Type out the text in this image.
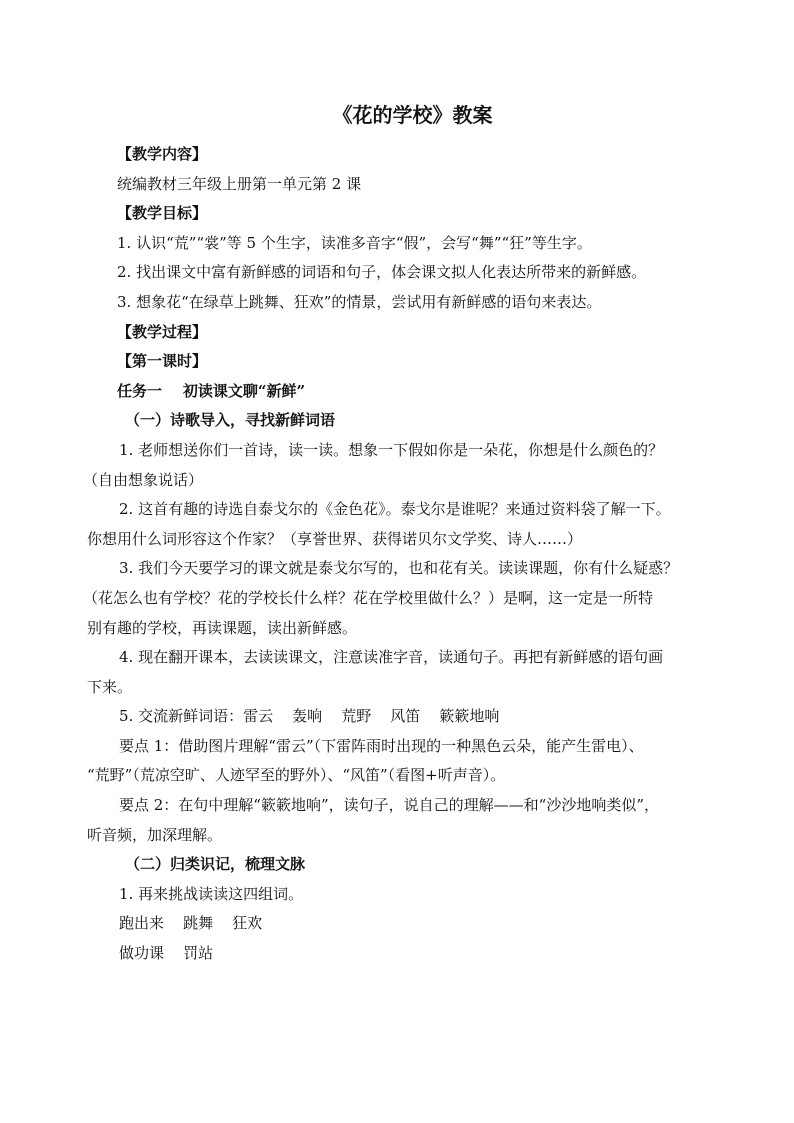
《花的学校》教案

【教学内容】

统编教材三年级上册第一单元第 2 课

【教学目标】

1. 认识“荒”“裳”等 5 个生字，读准多音字“假”，会写“舞”“狂”等生字。

2. 找出课文中富有新鲜感的词语和句子，体会课文拟人化表达所带来的新鲜感。

3. 想象花“在绿草上跳舞、狂欢”的情景，尝试用有新鲜感的语句来表达。

【教学过程】

【第一课时】

任务一    初读课文聊“新鲜”

（一）诗歌导入，寻找新鲜词语

1. 老师想送你们一首诗，读一读。想象一下假如你是一朵花，你想是什么颜色的？

（自由想象说话）

2. 这首有趣的诗选自泰戈尔的《金色花》。泰戈尔是谁呢？来通过资料袋了解一下。

你想用什么词形容这个作家？（享誉世界、获得诺贝尔文学奖、诗人……）

3. 我们今天要学习的课文就是泰戈尔写的，也和花有关。读读课题，你有什么疑惑？

（花怎么也有学校？花的学校长什么样？花在学校里做什么？）是啊，这一定是一所特

别有趣的学校，再读课题，读出新鲜感。

4. 现在翻开课本，去读读课文，注意读准字音，读通句子。再把有新鲜感的语句画

下来。

5. 交流新鲜词语：雷云    轰响    荒野    风笛    簌簌地响

要点 1：借助图片理解“雷云”（下雷阵雨时出现的一种黑色云朵，能产生雷电）、

“荒野”（荒凉空旷、人迹罕至的野外）、“风笛”（看图+听声音）。

要点 2：在句中理解“簌簌地响”，读句子，说自己的理解——和“沙沙地响类似”，

听音频，加深理解。

（二）归类识记，梳理文脉

1. 再来挑战读读这四组词。

跑出来    跳舞    狂欢

做功课    罚站
